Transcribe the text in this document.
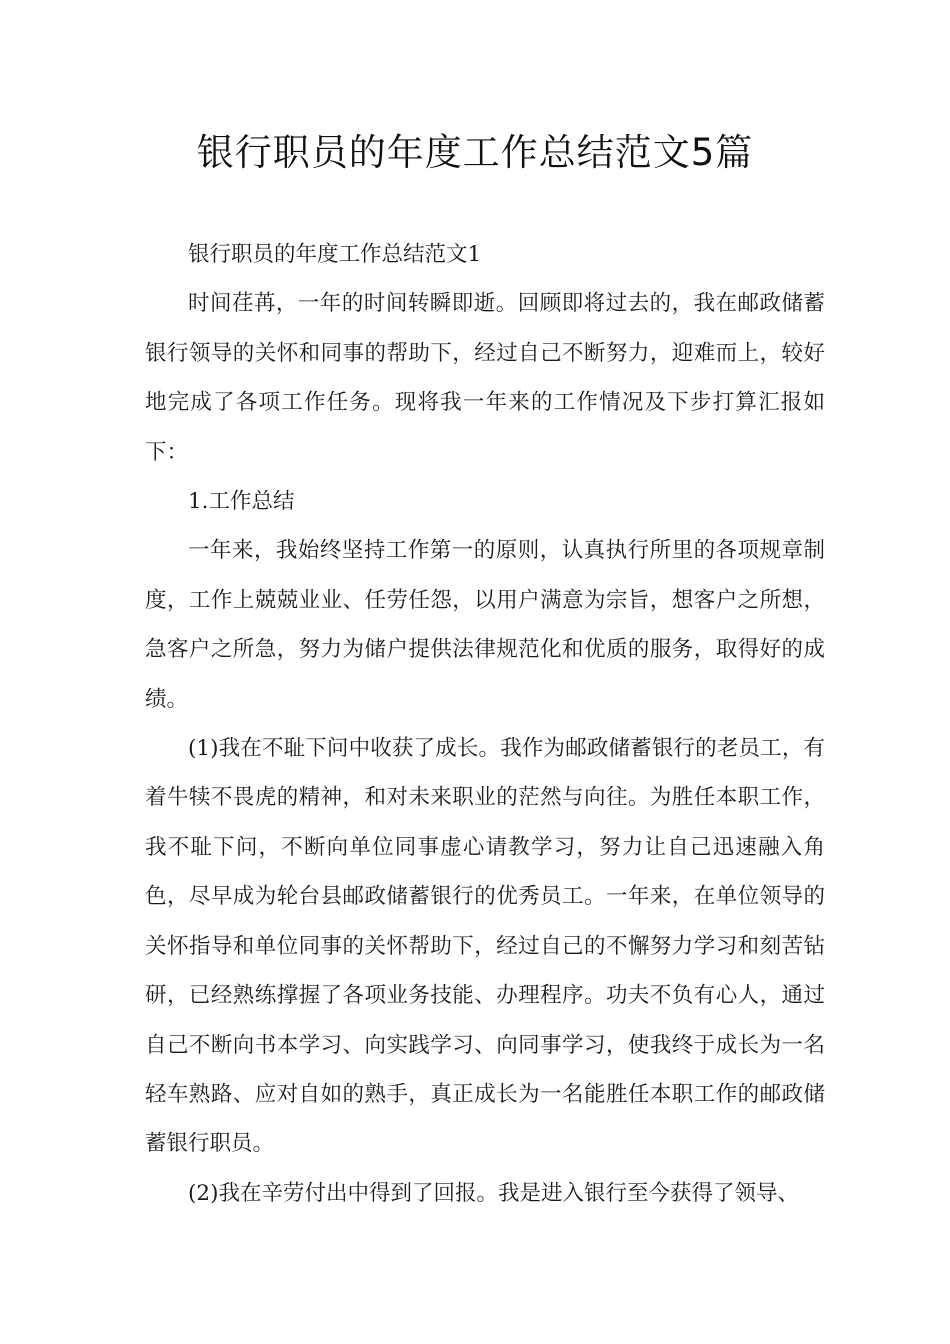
银行职员的年度工作总结范文5篇

银行职员的年度工作总结范文1

时间荏苒，一年的时间转瞬即逝。回顾即将过去的，我在邮政储蓄银行领导的关怀和同事的帮助下，经过自己不断努力，迎难而上，较好地完成了各项工作任务。现将我一年来的工作情况及下步打算汇报如下：

1.工作总结

一年来，我始终坚持工作第一的原则，认真执行所里的各项规章制度，工作上兢兢业业、任劳任怨，以用户满意为宗旨，想客户之所想，急客户之所急，努力为储户提供法律规范化和优质的服务，取得好的成绩。

(1)我在不耻下问中收获了成长。我作为邮政储蓄银行的老员工，有着牛犊不畏虎的精神，和对未来职业的茫然与向往。为胜任本职工作，我不耻下问，不断向单位同事虚心请教学习，努力让自己迅速融入角色，尽早成为轮台县邮政储蓄银行的优秀员工。一年来，在单位领导的关怀指导和单位同事的关怀帮助下，经过自己的不懈努力学习和刻苦钻研，已经熟练撑握了各项业务技能、办理程序。功夫不负有心人，通过自己不断向书本学习、向实践学习、向同事学习，使我终于成长为一名轻车熟路、应对自如的熟手，真正成长为一名能胜任本职工作的邮政储蓄银行职员。

(2)我在辛劳付出中得到了回报。我是进入银行至今获得了领导、
